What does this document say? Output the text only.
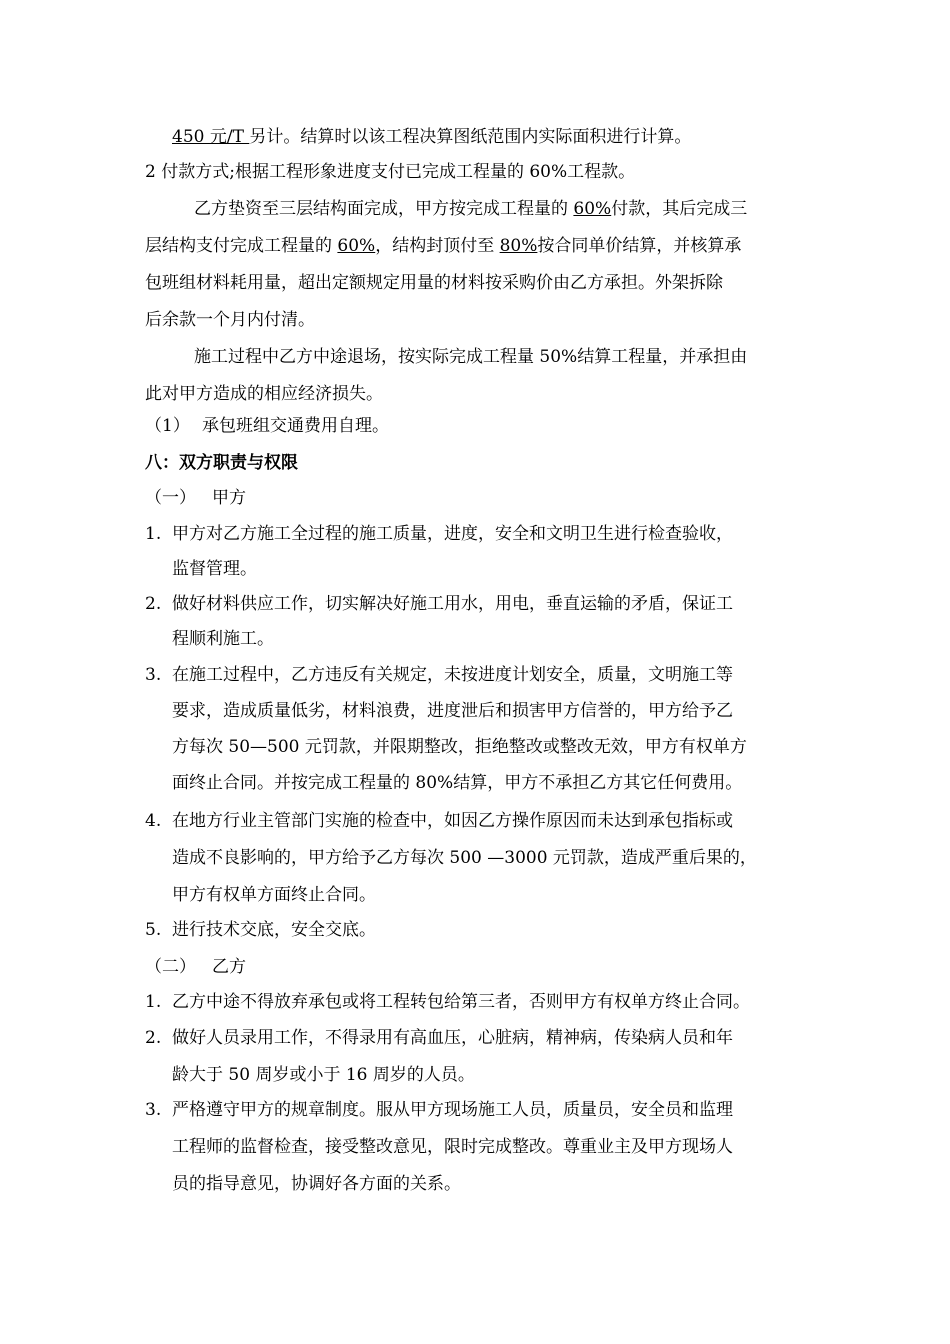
450 元/T 另计。结算时以该工程决算图纸范围内实际面积进行计算。
2 付款方式;根据工程形象进度支付已完成工程量的 60%工程款。
乙方垫资至三层结构面完成，甲方按完成工程量的 60%付款，其后完成三
层结构支付完成工程量的 60%，结构封顶付至 80%按合同单价结算，并核算承
包班组材料耗用量，超出定额规定用量的材料按采购价由乙方承担。外架拆除
后余款一个月内付清。
施工过程中乙方中途退场，按实际完成工程量 50%结算工程量，并承担由
此对甲方造成的相应经济损失。
（1） 承包班组交通费用自理。
八：双方职责与权限
（一） 甲方
1. 甲方对乙方施工全过程的施工质量，进度，安全和文明卫生进行检查验收，
监督管理。
2. 做好材料供应工作，切实解决好施工用水，用电，垂直运输的矛盾，保证工
程顺利施工。
3. 在施工过程中，乙方违反有关规定，未按进度计划安全，质量，文明施工等
要求，造成质量低劣，材料浪费，进度泄后和损害甲方信誉的，甲方给予乙
方每次 50—500 元罚款，并限期整改，拒绝整改或整改无效，甲方有权单方
面终止合同。并按完成工程量的 80%结算，甲方不承担乙方其它任何费用。
4. 在地方行业主管部门实施的检查中，如因乙方操作原因而未达到承包指标或
造成不良影响的，甲方给予乙方每次 500 —3000 元罚款，造成严重后果的，
甲方有权单方面终止合同。
5. 进行技术交底，安全交底。
（二） 乙方
1. 乙方中途不得放弃承包或将工程转包给第三者，否则甲方有权单方终止合同。
2. 做好人员录用工作，不得录用有高血压，心脏病，精神病，传染病人员和年
龄大于 50 周岁或小于 16 周岁的人员。
3. 严格遵守甲方的规章制度。服从甲方现场施工人员，质量员，安全员和监理
工程师的监督检查，接受整改意见，限时完成整改。尊重业主及甲方现场人
员的指导意见，协调好各方面的关系。
